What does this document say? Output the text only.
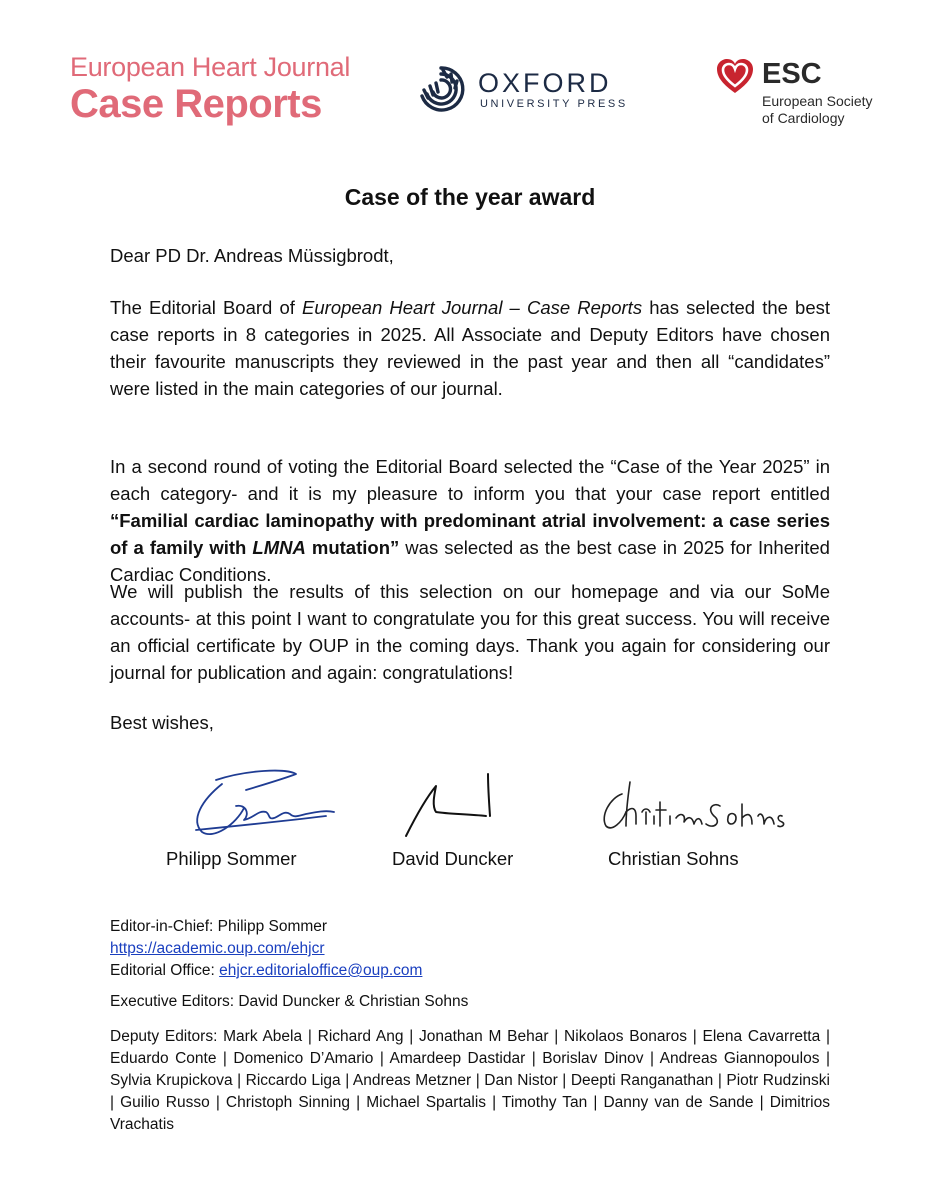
European Heart Journal
Case Reports	OXFORD
UNIVERSITY PRESS
ESC
European Society
of Cardiology
Case of the year award
Dear PD Dr. Andreas Müssigbrodt,
The Editorial Board of European Heart Journal – Case Reports has selected the best case reports in 8 categories in 2025. All Associate and Deputy Editors have chosen their favourite manuscripts they reviewed in the past year and then all “candidates” were listed in the main categories of our journal.
In a second round of voting the Editorial Board selected the “Case of the Year 2025” in each category- and it is my pleasure to inform you that your case report entitled “Familial cardiac laminopathy with predominant atrial involvement: a case series of a family with LMNA mutation” was selected as the best case in 2025 for Inherited Cardiac Conditions.
We will publish the results of this selection on our homepage and via our SoMe accounts- at this point I want to congratulate you for this great success. You will receive an official certificate by OUP in the coming days. Thank you again for considering our journal for publication and again: congratulations!
Best wishes,
Philipp Sommer	David Duncker	Christian Sohns
Editor-in-Chief: Philipp Sommer
https://academic.oup.com/ehjcr
Editorial Office: ehjcr.editorialoffice@oup.com
Executive Editors: David Duncker & Christian Sohns
Deputy Editors: Mark Abela | Richard Ang | Jonathan M Behar | Nikolaos Bonaros | Elena Cavarretta | Eduardo Conte | Domenico D’Amario | Amardeep Dastidar | Borislav Dinov | Andreas Giannopoulos | Sylvia Krupickova | Riccardo Liga | Andreas Metzner | Dan Nistor | Deepti Ranganathan | Piotr Rudzinski | Guilio Russo | Christoph Sinning | Michael Spartalis | Timothy Tan | Danny van de Sande | Dimitrios Vrachatis
